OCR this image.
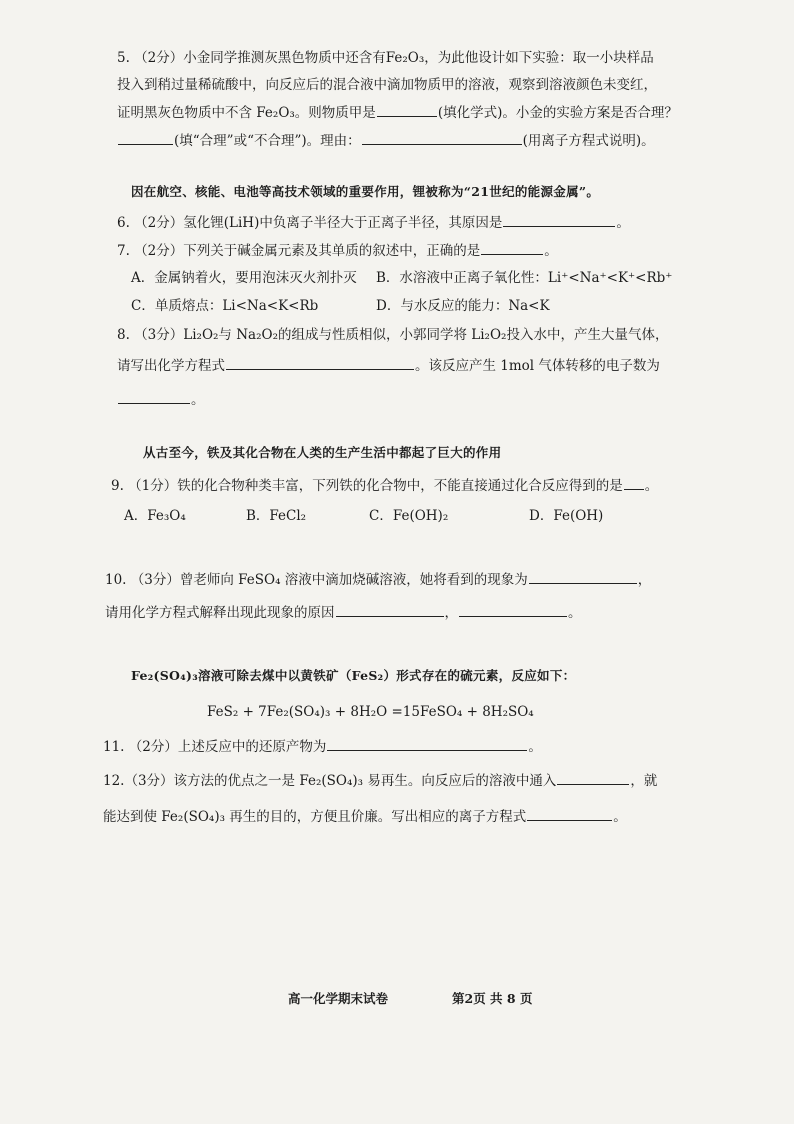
5. （2分）小金同学推测灰黑色物质中还含有Fe₂O₃，为此他设计如下实验：取一小块样品
投入到稍过量稀硫酸中，向反应后的混合液中滴加物质甲的溶液，观察到溶液颜色未变红，
证明黑灰色物质中不含 Fe₂O₃。则物质甲是	(填化学式)。小金的实验方案是否合理？
(填“合理”或“不合理”)。理由：	(用离子方程式说明)。
因在航空、核能、电池等高技术领域的重要作用，锂被称为“21世纪的能源金属”。
6. （2分）氢化锂(LiH)中负离子半径大于正离子半径，其原因是	。
7. （2分）下列关于碱金属元素及其单质的叙述中，正确的是	。
A．金属钠着火，要用泡沫灭火剂扑灭 B．水溶液中正离子氧化性：Li⁺<Na⁺<K⁺<Rb⁺
C．单质熔点：Li<Na<K<Rb	D．与水反应的能力：Na<K
8. （3分）Li₂O₂与 Na₂O₂的组成与性质相似，小郭同学将 Li₂O₂投入水中，产生大量气体，
请写出化学方程式	。该反应产生 1mol 气体转移的电子数为
。
从古至今，铁及其化合物在人类的生产生活中都起了巨大的作用
9. （1分）铁的化合物种类丰富，下列铁的化合物中，不能直接通过化合反应得到的是 。
A．Fe₃O₄	B．FeCl₂	C．Fe(OH)₂	D．Fe(OH)
10. （3分）曾老师向 FeSO₄ 溶液中滴加烧碱溶液，她将看到的现象为	，
请用化学方程式解释出现此现象的原因	，	。
Fe₂(SO₄)₃溶液可除去煤中以黄铁矿（FeS₂）形式存在的硫元素，反应如下：
FeS₂ + 7Fe₂(SO₄)₃ + 8H₂O =15FeSO₄ + 8H₂SO₄
11. （2分）上述反应中的还原产物为	。
12.（3分）该方法的优点之一是 Fe₂(SO₄)₃ 易再生。向反应后的溶液中通入	，就
能达到使 Fe₂(SO₄)₃ 再生的目的，方便且价廉。写出相应的离子方程式	。
高一化学期末试卷	第2页 共 8 页
